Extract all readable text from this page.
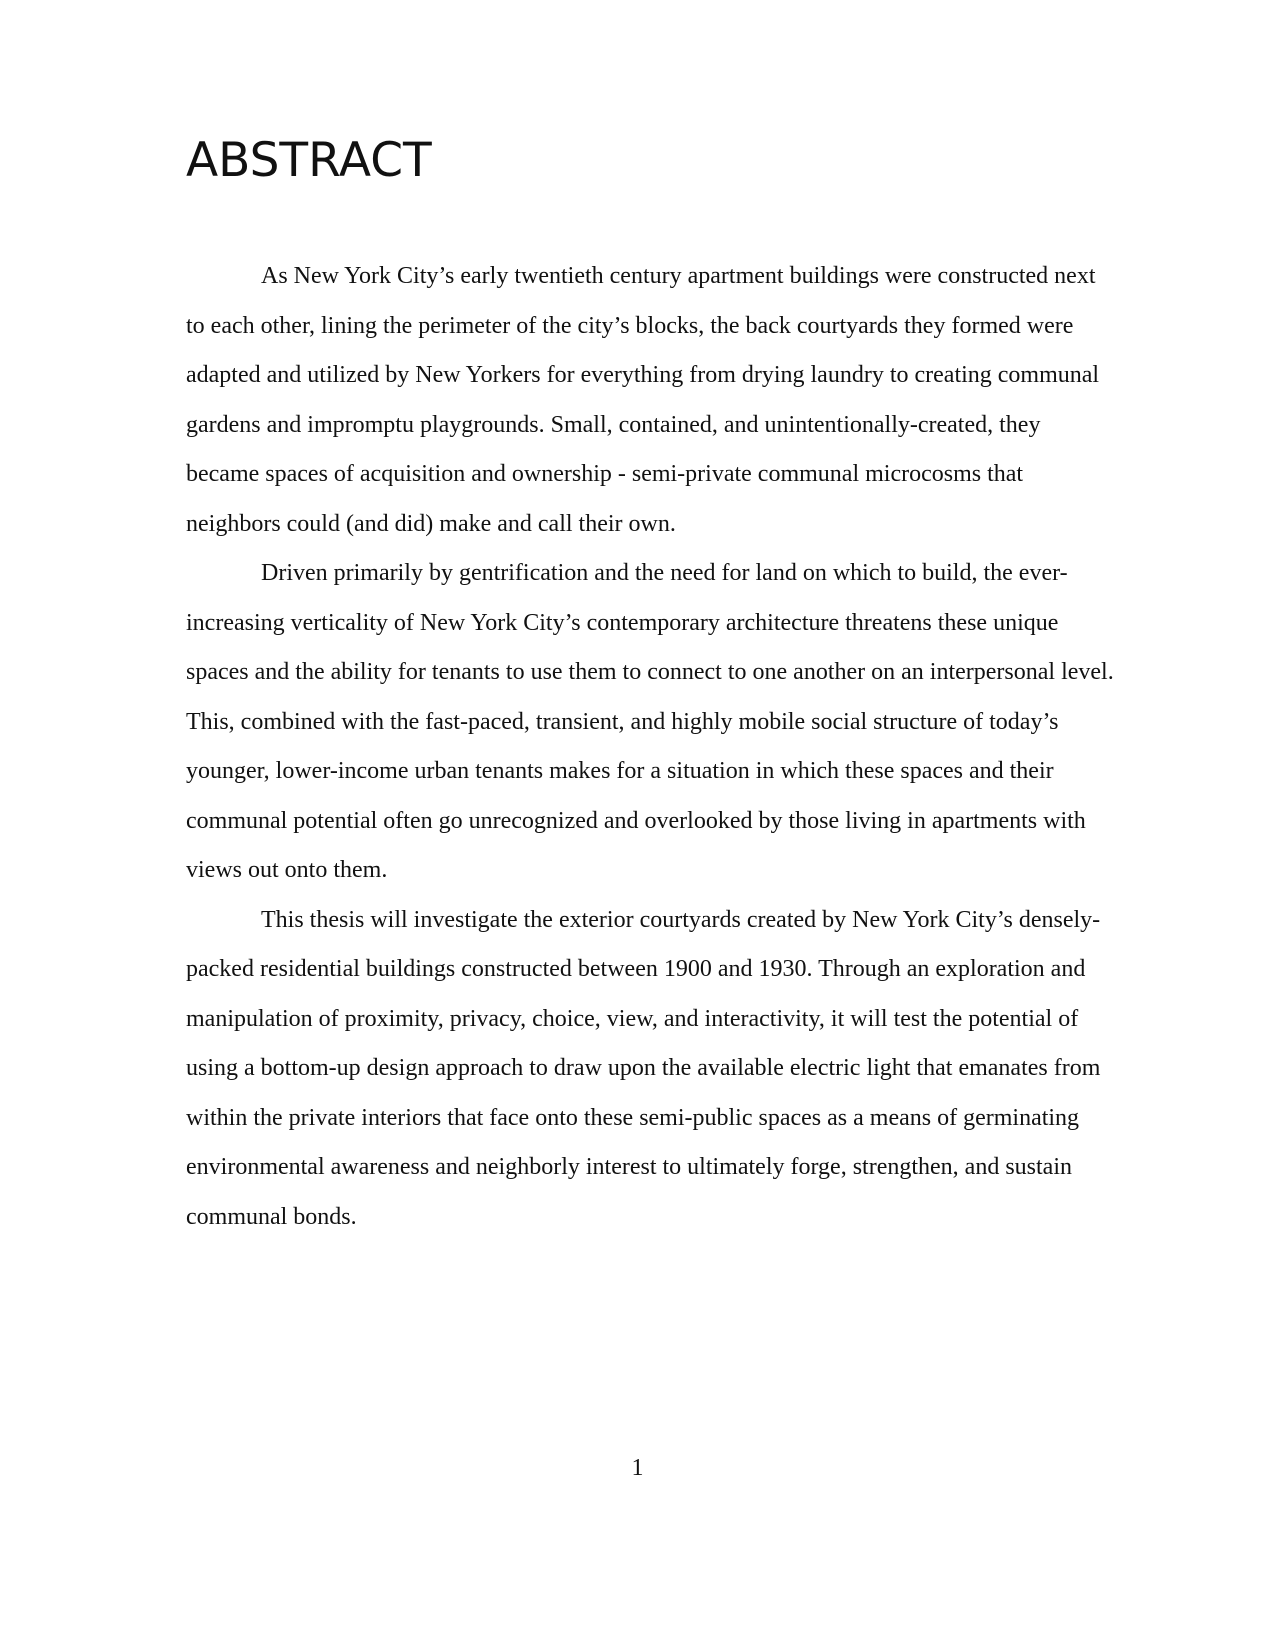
ABSTRACT

As New York City’s early twentieth century apartment buildings were constructed next to each other, lining the perimeter of the city’s blocks, the back courtyards they formed were adapted and utilized by New Yorkers for everything from drying laundry to creating communal gardens and impromptu playgrounds. Small, contained, and unintentionally-created, they became spaces of acquisition and ownership - semi-private communal microcosms that neighbors could (and did) make and call their own.

Driven primarily by gentrification and the need for land on which to build, the ever-increasing verticality of New York City’s contemporary architecture threatens these unique spaces and the ability for tenants to use them to connect to one another on an interpersonal level. This, combined with the fast-paced, transient, and highly mobile social structure of today’s younger, lower-income urban tenants makes for a situation in which these spaces and their communal potential often go unrecognized and overlooked by those living in apartments with views out onto them.

This thesis will investigate the exterior courtyards created by New York City’s densely-packed residential buildings constructed between 1900 and 1930. Through an exploration and manipulation of proximity, privacy, choice, view, and interactivity, it will test the potential of using a bottom-up design approach to draw upon the available electric light that emanates from within the private interiors that face onto these semi-public spaces as a means of germinating environmental awareness and neighborly interest to ultimately forge, strengthen, and sustain communal bonds.

1
